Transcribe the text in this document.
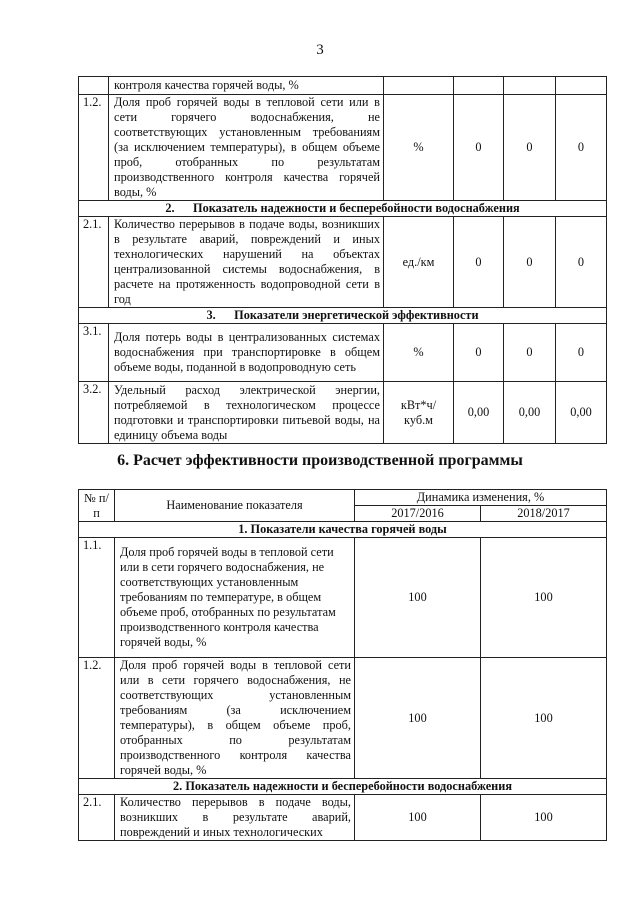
3
	контроля качества горячей воды, %				
1.2.	Доля проб горячей воды в тепловой сети или в сети горячего водоснабжения, не соответствующих установленным требованиям (за исключением температуры), в общем объеме проб, отобранных по результатам производственного контроля качества горячей воды, %	%	0	0	0
2. Показатель надежности и бесперебойности водоснабжения					
2.1.	Количество перерывов в подаче воды, возникших в результате аварий, повреждений и иных технологических нарушений на объектах централизованной системы водоснабжения, в расчете на протяженность водопроводной сети в год	ед./км	0	0	0
3. Показатели энергетической эффективности					
3.1.	Доля потерь воды в централизованных системах водоснабжения при транспортировке в общем объеме воды, поданной в водопроводную сеть	%	0	0	0
3.2.	Удельный расход электрической энергии, потребляемой в технологическом процессе подготовки и транспортировки питьевой воды, на единицу объема воды	кВт*ч/ куб.м	0,00	0,00	0,00
6. Расчет эффективности производственной программы
№ п/п	Наименование показателя	Динамика изменения, %	
		2017/2016	2018/2017
1. Показатели качества горячей воды			
1.1.	Доля проб горячей воды в тепловой сети или в сети горячего водоснабжения, не соответствующих установленным требованиям по температуре, в общем объеме проб, отобранных по результатам производственного контроля качества горячей воды, %	100	100
1.2.	Доля проб горячей воды в тепловой сети или в сети горячего водоснабжения, не соответствующих установленным требованиям (за исключением температуры), в общем объеме проб, отобранных по результатам производственного контроля качества горячей воды, %	100	100
2. Показатель надежности и бесперебойности водоснабжения			
2.1.	Количество перерывов в подаче воды, возникших в результате аварий, повреждений и иных технологических	100	100
